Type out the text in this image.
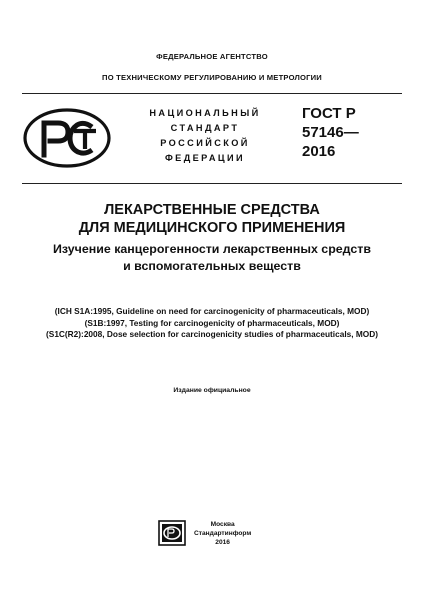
ФЕДЕРАЛЬНОЕ АГЕНТСТВО
ПО ТЕХНИЧЕСКОМУ РЕГУЛИРОВАНИЮ И МЕТРОЛОГИИ
НАЦИОНАЛЬНЫЙ
СТАНДАРТ
РОССИЙСКОЙ
ФЕДЕРАЦИИ
ГОСТ Р
57146—
2016
ЛЕКАРСТВЕННЫЕ СРЕДСТВА
ДЛЯ МЕДИЦИНСКОГО ПРИМЕНЕНИЯ
Изучение канцерогенности лекарственных средств
и вспомогательных веществ
(ICH S1A:1995, Guideline on need for carcinogenicity of pharmaceuticals, MOD)
(S1B:1997, Testing for carcinogenicity of pharmaceuticals, MOD)
(S1C(R2):2008, Dose selection for carcinogenicity studies of pharmaceuticals, MOD)
Издание официальное
Москва
Стандартинформ
2016
